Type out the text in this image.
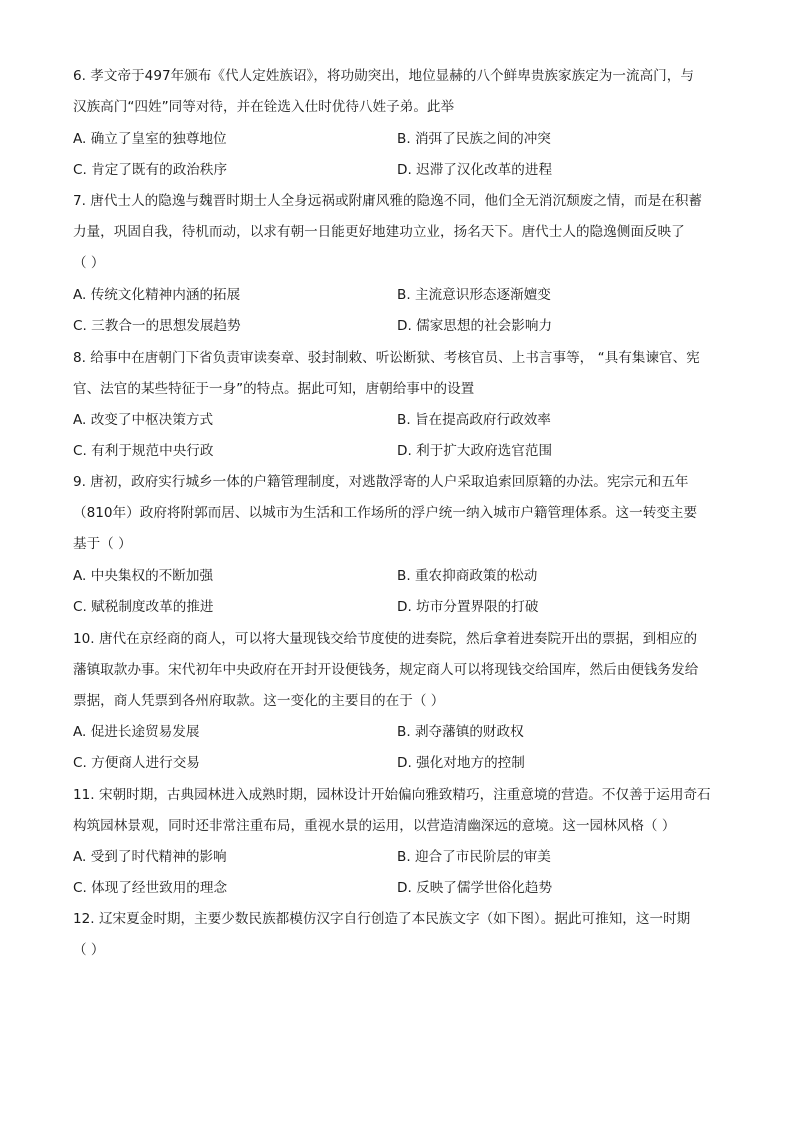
6. 孝文帝于497年颁布《代人定姓族诏》，将功勋突出，地位显赫的八个鲜卑贵族家族定为一流高门，与
汉族高门“四姓”同等对待，并在铨选入仕时优待八姓子弟。此举
A. 确立了皇室的独尊地位	B. 消弭了民族之间的冲突
C. 肯定了既有的政治秩序	D. 迟滞了汉化改革的进程
7. 唐代士人的隐逸与魏晋时期士人全身远祸或附庸风雅的隐逸不同，他们全无消沉颓废之情，而是在积蓄
力量，巩固自我，待机而动，以求有朝一日能更好地建功立业，扬名天下。唐代士人的隐逸侧面反映了
（ ）
A. 传统文化精神内涵的拓展	B. 主流意识形态逐渐嬗变
C. 三教合一的思想发展趋势	D. 儒家思想的社会影响力
8. 给事中在唐朝门下省负责审读奏章、驳封制敕、听讼断狱、考核官员、上书言事等， “具有集谏官、宪
官、法官的某些特征于一身”的特点。据此可知，唐朝给事中的设置
A. 改变了中枢决策方式	B. 旨在提高政府行政效率
C. 有利于规范中央行政	D. 利于扩大政府选官范围
9. 唐初，政府实行城乡一体的户籍管理制度，对逃散浮寄的人户采取追索回原籍的办法。宪宗元和五年
（810年）政府将附郭而居、以城市为生活和工作场所的浮户统一纳入城市户籍管理体系。这一转变主要
基于（ ）
A. 中央集权的不断加强	B. 重农抑商政策的松动
C. 赋税制度改革的推进	D. 坊市分置界限的打破
10. 唐代在京经商的商人，可以将大量现钱交给节度使的进奏院，然后拿着进奏院开出的票据，到相应的
藩镇取款办事。宋代初年中央政府在开封开设便钱务，规定商人可以将现钱交给国库，然后由便钱务发给
票据，商人凭票到各州府取款。这一变化的主要目的在于（ ）
A. 促进长途贸易发展	B. 剥夺藩镇的财政权
C. 方便商人进行交易	D. 强化对地方的控制
11. 宋朝时期，古典园林进入成熟时期，园林设计开始偏向雅致精巧，注重意境的营造。不仅善于运用奇石
构筑园林景观，同时还非常注重布局，重视水景的运用，以营造清幽深远的意境。这一园林风格（ ）
A. 受到了时代精神的影响	B. 迎合了市民阶层的审美
C. 体现了经世致用的理念	D. 反映了儒学世俗化趋势
12. 辽宋夏金时期，主要少数民族都模仿汉字自行创造了本民族文字（如下图）。据此可推知，这一时期
（ ）
